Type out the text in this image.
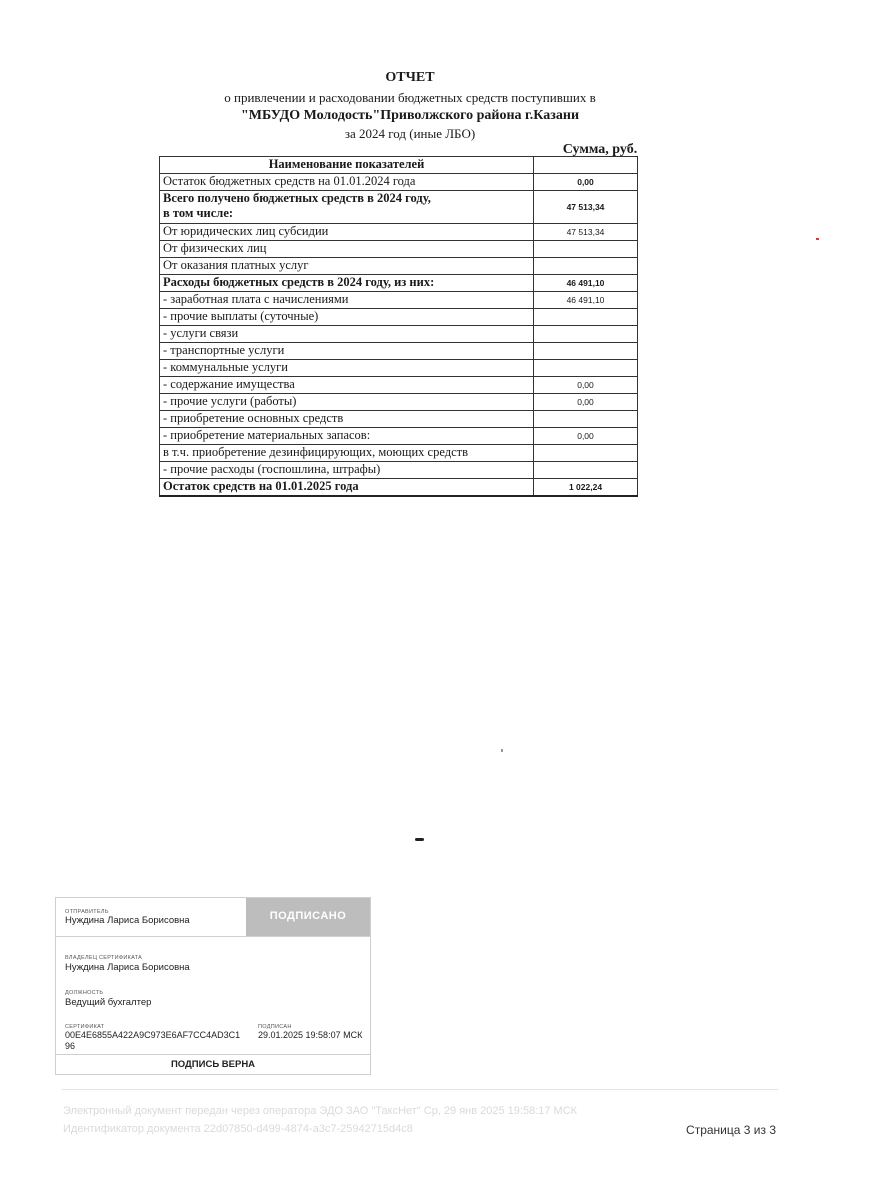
ОТЧЕТ
о привлечении и расходовании бюджетных средств поступивших в
"МБУДО Молодость"Приволжского района г.Казани
за 2024 год (иные ЛБО)
Сумма, руб.
Наименование показателей	
Остаток бюджетных средств на 01.01.2024 года	0,00

Всего получено бюджетных средств в 2024 году,
в том числе:	47 513,34
От юридических лиц субсидии	47 513,34
От физических лиц	
От оказания платных услуг	
Расходы бюджетных средств в 2024 году, из них:	46 491,10
- заработная плата с начислениями	46 491,10
- прочие выплаты (суточные)	
- услуги связи	
- транспортные услуги	
- коммунальные услуги	
- содержание имущества	0,00
- прочие услуги (работы)	0,00
- приобретение основных средств	
- приобретение материальных запасов:	0,00
в т.ч. приобретение дезинфицирующих, моющих средств	
- прочие расходы (госпошлина, штрафы)	
Остаток средств на 01.01.2025 года	1 022,24
ОТПРАВИТЕЛЬ
Нуждина Лариса Борисовна	ПОДПИСАНО
ВЛАДЕЛЕЦ СЕРТИФИКАТА
Нуждина Лариса Борисовна
ДОЛЖНОСТЬ
Ведущий бухгалтер
СЕРТИФИКАТ
00E4E6855A422A9C973E6AF7CC4AD3C1
96
ПОДПИСАН
29.01.2025 19:58:07 МСК
ПОДПИСЬ ВЕРНА
Электронный документ передан через оператора ЭДО ЗАО "ТаксНет" Ср, 29 янв 2025 19:58:17 МСК
Идентификатор документа 22d07850-d499-4874-a3c7-25942715d4c8	Страница 3 из 3
